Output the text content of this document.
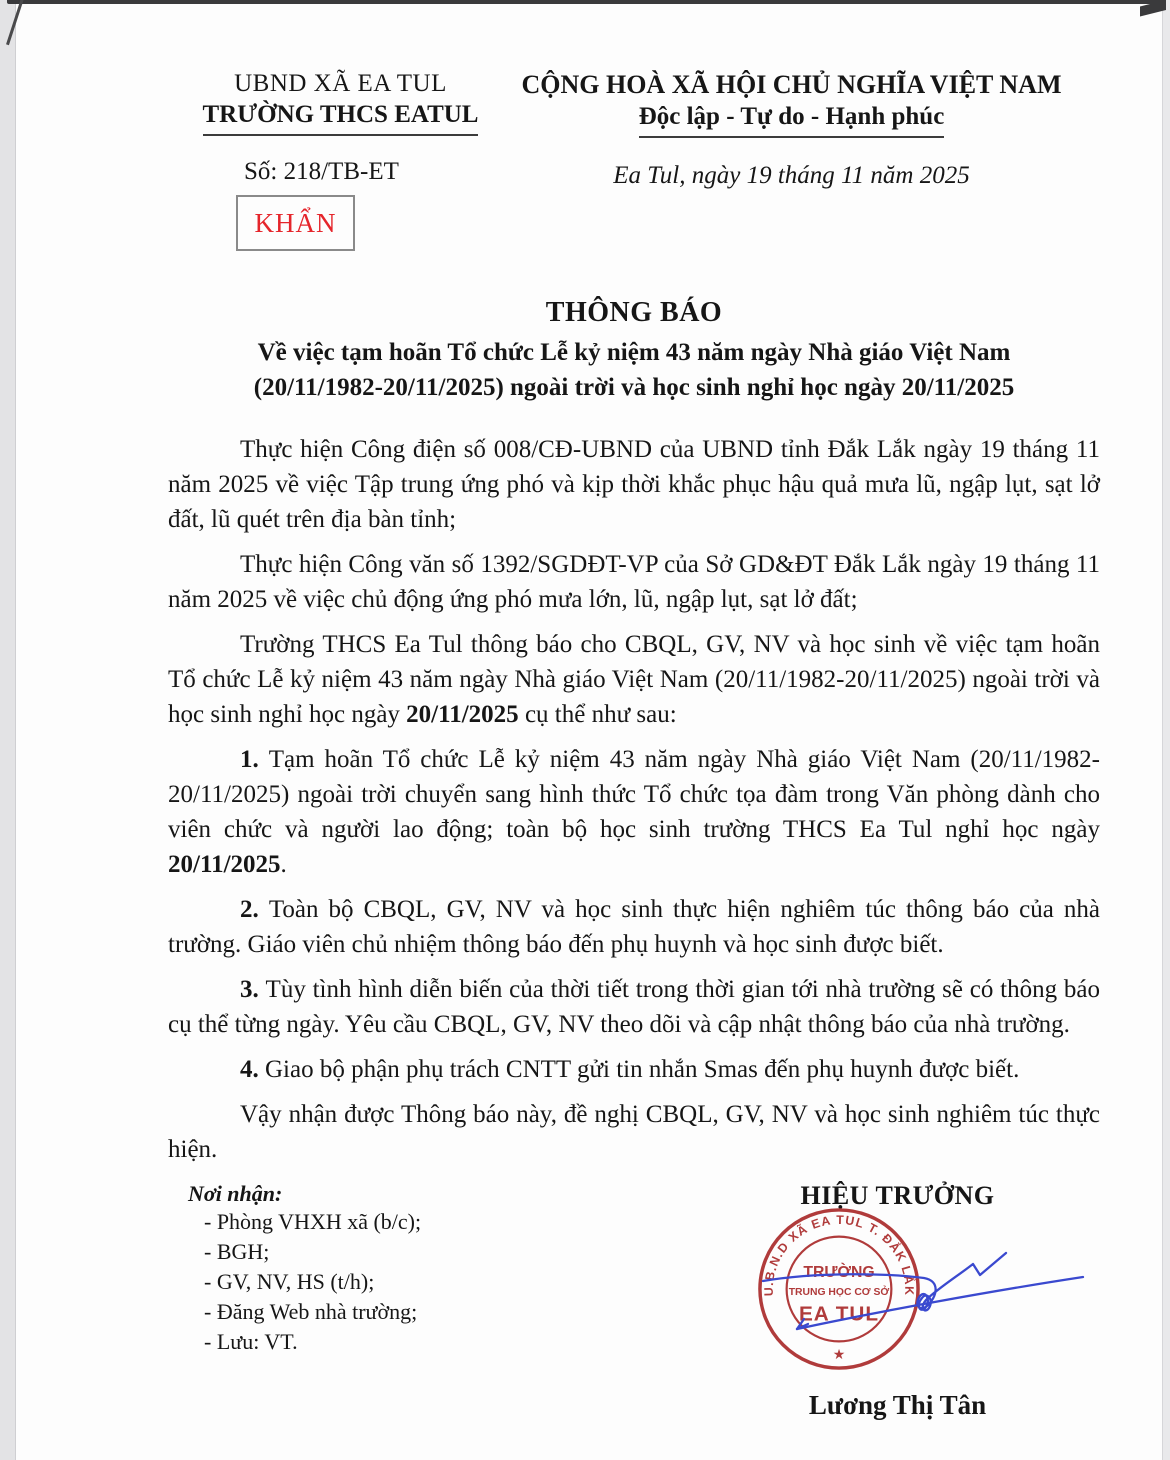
UBND XÃ EA TUL
TRƯỜNG THCS EATUL
Số: 218/TB-ET
KHẨN
CỘNG HOÀ XÃ HỘI CHỦ NGHĨA VIỆT NAM
Độc lập - Tự do - Hạnh phúc
Ea Tul, ngày 19 tháng 11 năm 2025
THÔNG BÁO
Về việc tạm hoãn Tổ chức Lễ kỷ niệm 43 năm ngày Nhà giáo Việt Nam
(20/11/1982-20/11/2025) ngoài trời và học sinh nghỉ học ngày 20/11/2025

Thực hiện Công điện số 008/CĐ-UBND của UBND tỉnh Đắk Lắk ngày 19 tháng 11 năm 2025 về việc Tập trung ứng phó và kịp thời khắc phục hậu quả mưa lũ, ngập lụt, sạt lở đất, lũ quét trên địa bàn tỉnh;

Thực hiện Công văn số 1392/SGDĐT-VP của Sở GD&ĐT Đắk Lắk ngày 19 tháng 11 năm 2025 về việc chủ động ứng phó mưa lớn, lũ, ngập lụt, sạt lở đất;

Trường THCS Ea Tul thông báo cho CBQL, GV, NV và học sinh về việc tạm hoãn Tổ chức Lễ kỷ niệm 43 năm ngày Nhà giáo Việt Nam (20/11/1982-20/11/2025) ngoài trời và học sinh nghỉ học ngày 20/11/2025 cụ thể như sau:

1. Tạm hoãn Tổ chức Lễ kỷ niệm 43 năm ngày Nhà giáo Việt Nam (20/11/1982-20/11/2025) ngoài trời chuyển sang hình thức Tổ chức tọa đàm trong Văn phòng dành cho viên chức và người lao động; toàn bộ học sinh trường THCS Ea Tul nghỉ học ngày 20/11/2025.

2. Toàn bộ CBQL, GV, NV và học sinh thực hiện nghiêm túc thông báo của nhà trường. Giáo viên chủ nhiệm thông báo đến phụ huynh và học sinh được biết.

3. Tùy tình hình diễn biến của thời tiết trong thời gian tới nhà trường sẽ có thông báo cụ thể từng ngày. Yêu cầu CBQL, GV, NV theo dõi và cập nhật thông báo của nhà trường.

4. Giao bộ phận phụ trách CNTT gửi tin nhắn Smas đến phụ huynh được biết.

Vậy nhận được Thông báo này, đề nghị CBQL, GV, NV và học sinh nghiêm túc thực hiện.

Nơi nhận:
- Phòng VHXH xã (b/c);
- BGH;
- GV, NV, HS (t/h);
- Đăng Web nhà trường;
- Lưu: VT.
HIỆU TRƯỞNG
U.B.N.D XÃ EA TUL T. ĐẮK LẮK
★
TRƯỜNG
TRUNG HỌC CƠ SỞ
EA TUL
Lương Thị Tân
